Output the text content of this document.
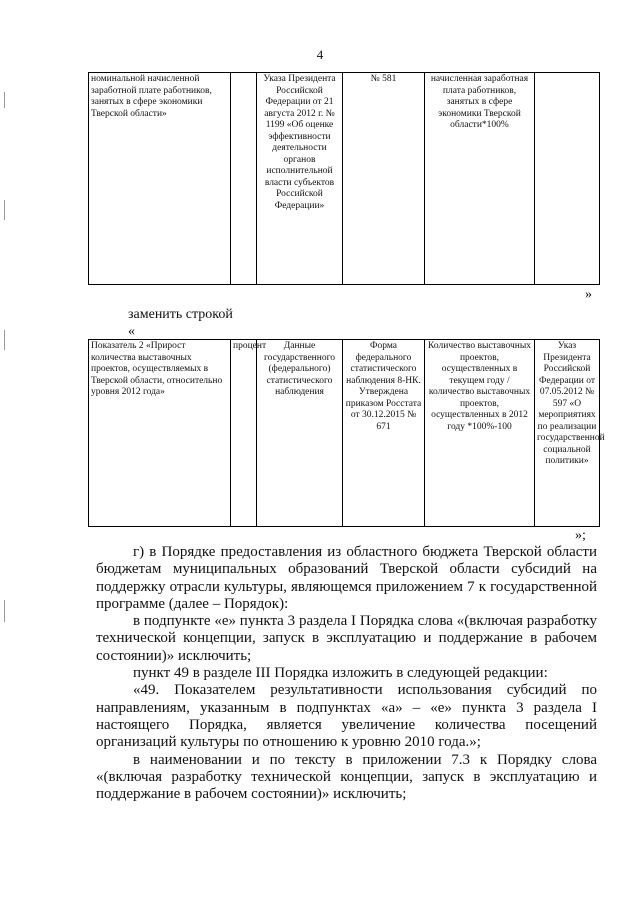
4
номинальной начисленной заработной плате работников, занятых в сфере экономики Тверской области»		Указа Президента Российской Федерации от 21 августа 2012 г. № 1199 «Об оценке эффективности деятельности органов исполнительной власти субъектов Российской Федерации»	№ 581	начисленная заработная плата работников, занятых в сфере экономики Тверской области*100%	
»
заменить строкой
«
Показатель 2 «Прирост количества выставочных проектов, осуществляемых в Тверской области, относительно уровня 2012 года»	процент	Данные государственного (федерального) статистического наблюдения	Форма федерального статистического наблюдения 8-НК. Утверждена приказом Росстата от 30.12.2015 № 671	Количество выставочных проектов, осуществленных в текущем году / количество выставочных проектов, осуществленных в 2012 году *100%-100	Указ Президента Российской Федерации от 07.05.2012 № 597 «О мероприятиях по реализации государственной социальной политики»
»;

г) в Порядке предоставления из областного бюджета Тверской области бюджетам муниципальных образований Тверской области субсидий на поддержку отрасли культуры, являющемся приложением 7 к государственной программе (далее – Порядок):

в подпункте «е» пункта 3 раздела I Порядка слова «(включая разработку технической концепции, запуск в эксплуатацию и поддержание в рабочем состоянии)» исключить;

пункт 49 в разделе III Порядка изложить в следующей редакции:

«49. Показателем результативности использования субсидий по направлениям, указанным в подпунктах «а» – «е» пункта 3 раздела I настоящего Порядка, является увеличение количества посещений организаций культуры по отношению к уровню 2010 года.»;

в наименовании и по тексту в приложении 7.3 к Порядку слова «(включая разработку технической концепции, запуск в эксплуатацию и поддержание в рабочем состоянии)» исключить;
